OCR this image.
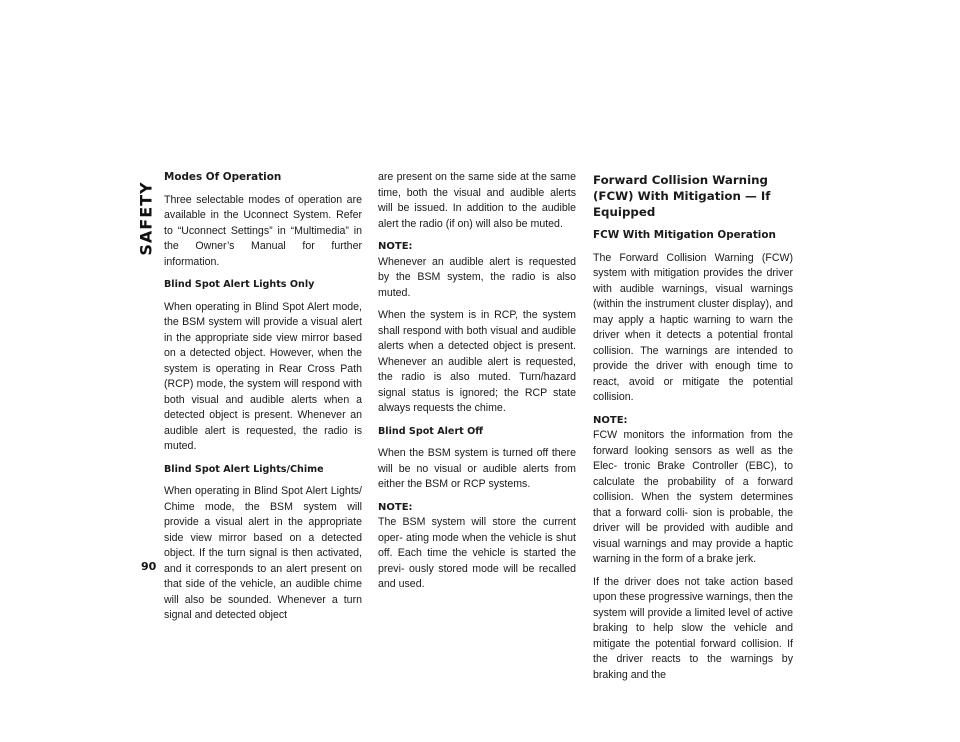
SAFETY
90
Modes Of Operation

Three selectable modes of operation are available in the Uconnect System. Refer to “Uconnect Settings” in “Multimedia” in the Owner’s Manual for further information.

Blind Spot Alert Lights Only

When operating in Blind Spot Alert mode, the BSM system will provide a visual alert in the appropriate side view mirror based on a detected object. However, when the system is operating in Rear Cross Path (RCP) mode, the system will respond with both visual and audible alerts when a detected object is present. Whenever an audible alert is requested, the radio is muted.

Blind Spot Alert Lights/Chime

When operating in Blind Spot Alert Lights/ Chime mode, the BSM system will provide a visual alert in the appropriate side view mirror based on a detected object. If the turn signal is then activated, and it corresponds to an alert present on that side of the vehicle, an audible chime will also be sounded. Whenever a turn signal and detected object

are present on the same side at the same time, both the visual and audible alerts will be issued. In addition to the audible alert the radio (if on) will also be muted.

NOTE:
Whenever an audible alert is requested by the BSM system, the radio is also muted.

When the system is in RCP, the system shall respond with both visual and audible alerts when a detected object is present. Whenever an audible alert is requested, the radio is also muted. Turn/hazard signal status is ignored; the RCP state always requests the chime.

Blind Spot Alert Off

When the BSM system is turned off there will be no visual or audible alerts from either the BSM or RCP systems.

NOTE:
The BSM system will store the current oper- ating mode when the vehicle is shut off. Each time the vehicle is started the previ- ously stored mode will be recalled and used.

Forward Collision Warning (FCW) With Mitigation — If Equipped
FCW With Mitigation Operation

The Forward Collision Warning (FCW) system with mitigation provides the driver with audible warnings, visual warnings (within the instrument cluster display), and may apply a haptic warning to warn the driver when it detects a potential frontal collision. The warnings are intended to provide the driver with enough time to react, avoid or mitigate the potential collision.

NOTE:
FCW monitors the information from the forward looking sensors as well as the Elec- tronic Brake Controller (EBC), to calculate the probability of a forward collision. When the system determines that a forward colli- sion is probable, the driver will be provided with audible and visual warnings and may provide a haptic warning in the form of a brake jerk.

If the driver does not take action based upon these progressive warnings, then the system will provide a limited level of active braking to help slow the vehicle and mitigate the potential forward collision. If the driver reacts to the warnings by braking and the
